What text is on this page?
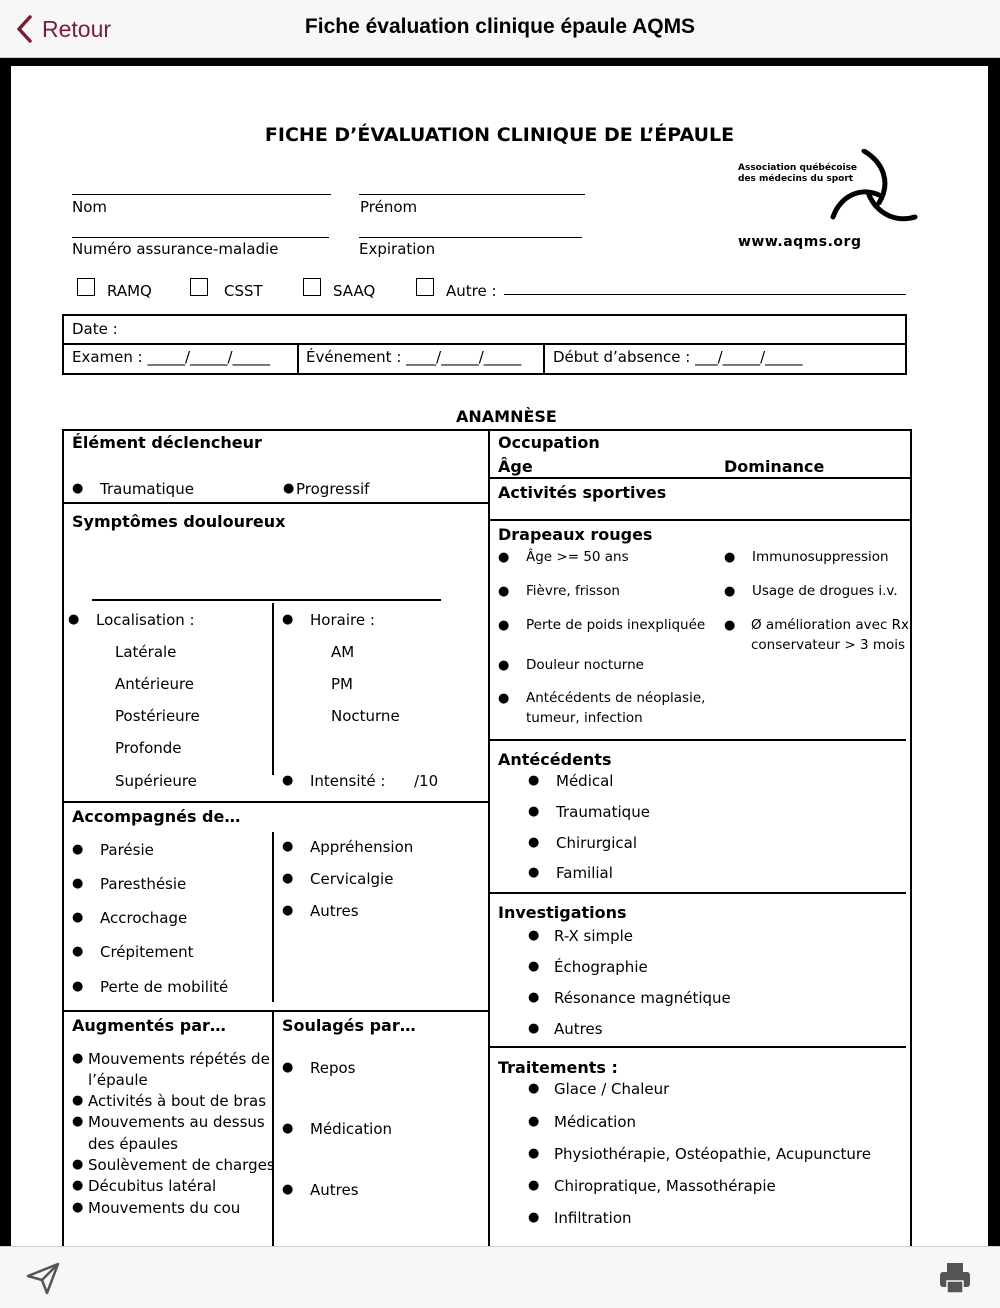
Retour	Fiche évaluation clinique épaule AQMS
FICHE D’ÉVALUATION CLINIQUE DE L’ÉPAULE
Nom	Prénom
Numéro assurance-maladie	Expiration
Association québécoise
des médecins du sport
www.aqms.org
RAMQ	CSST	SAAQ	Autre :
Date :
Examen : _____/_____/_____ Événement : ____/_____/_____ Début d’absence : ___/_____/_____
ANAMNÈSE
Élément déclencheur
● Traumatique	● Progressif
Symptômes douloureux
● Localisation :
Latérale
Antérieure
Postérieure
Profonde
Supérieure
● Horaire :
AM
PM
Nocturne
● Intensité : /10
Accompagnés de…
● Parésie
● Paresthésie
● Accrochage
● Crépitement
● Perte de mobilité
● Appréhension
● Cervicalgie
● Autres
Augmentés par…
● Mouvements répétés de
l’épaule
● Activités à bout de bras
● Mouvements au dessus
des épaules
● Soulèvement de charges
● Décubitus latéral
● Mouvements du cou
Soulagés par…
● Repos
● Médication
● Autres
Occupation
Âge	Dominance
Activités sportives
Drapeaux rouges
● Âge >= 50 ans
● Fièvre, frisson
● Perte de poids inexpliquée
● Douleur nocturne
● Antécédents de néoplasie,
tumeur, infection
● Immunosuppression
● Usage de drogues i.v.
● Ø amélioration avec Rx
conservateur > 3 mois
Antécédents
● Médical
● Traumatique
● Chirurgical
● Familial
Investigations
● R-X simple
● Échographie
● Résonance magnétique
● Autres
Traitements :
● Glace / Chaleur
● Médication
● Physiothérapie, Ostéopathie, Acupuncture
● Chiropratique, Massothérapie
● Infiltration
